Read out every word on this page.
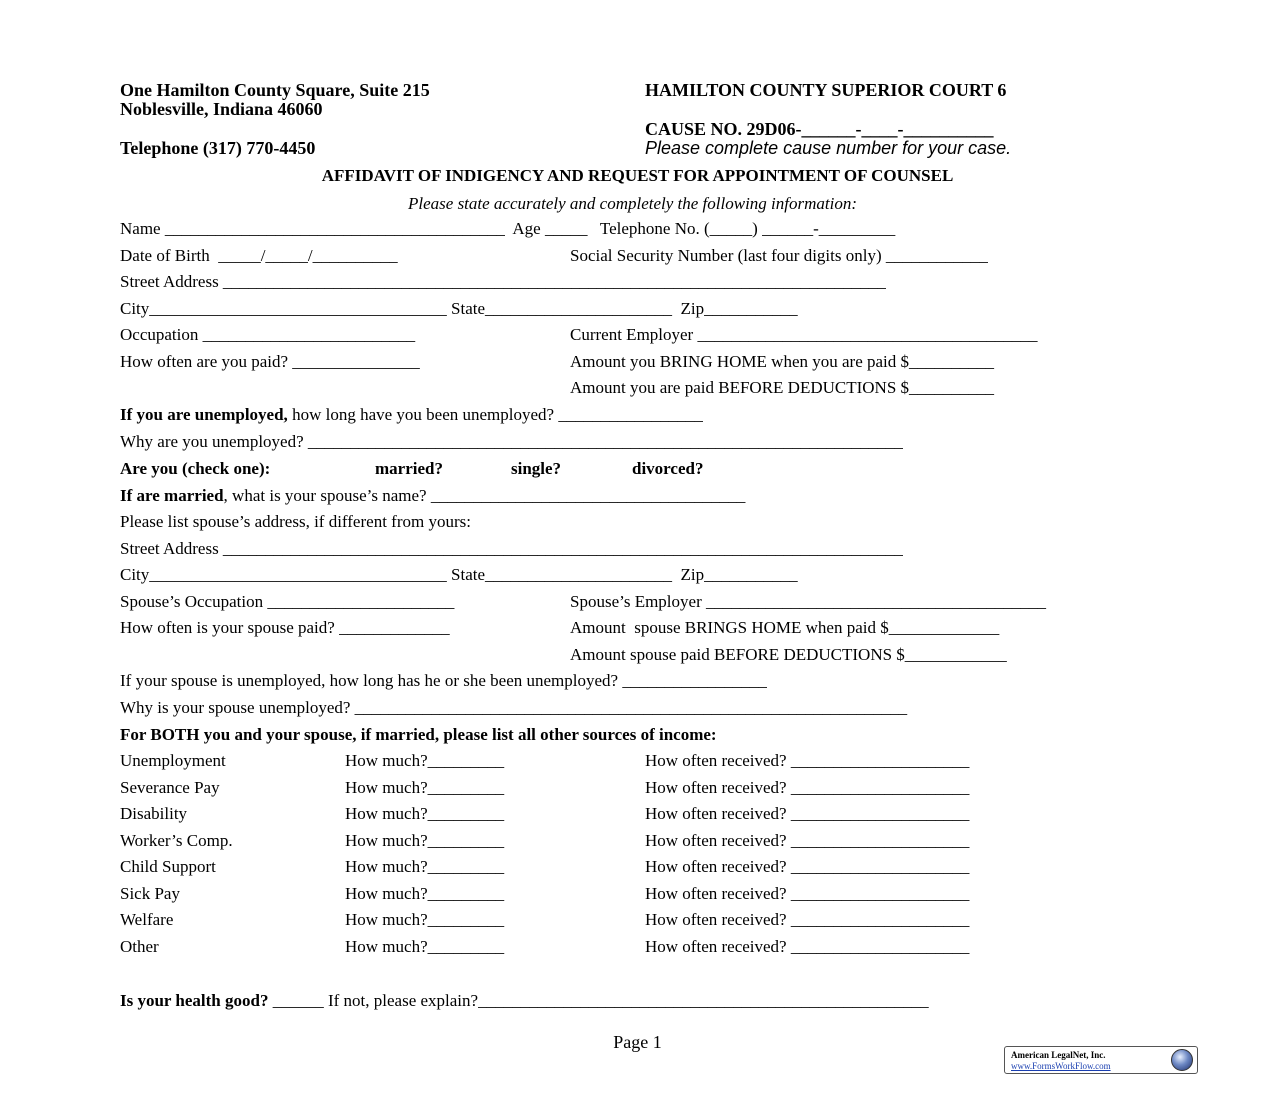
One Hamilton County Square, Suite 215
Noblesville, Indiana 46060
Telephone (317) 770-4450
HAMILTON COUNTY SUPERIOR COURT 6
CAUSE NO. 29D06-______-____-__________
Please complete cause number for your case.
AFFIDAVIT OF INDIGENCY AND REQUEST FOR APPOINTMENT OF COUNSEL
Please state accurately and completely the following information:
Name ________________________________________  Age _____   Telephone No. (_____) ______-_________
Date of Birth  _____/_____/__________	Social Security Number (last four digits only) ____________
Street Address ______________________________________________________________________________
City___________________________________ State______________________  Zip___________
Occupation _________________________	Current Employer ________________________________________
How often are you paid? _______________	Amount you BRING HOME when you are paid $__________
Amount you are paid BEFORE DEDUCTIONS $__________
If you are unemployed, how long have you been unemployed? _________________
Why are you unemployed? ______________________________________________________________________
Are you (check one):	married?	single?	divorced?
If are married, what is your spouse’s name? _____________________________________
Please list spouse’s address, if different from yours:
Street Address ________________________________________________________________________________
City___________________________________ State______________________  Zip___________
Spouse’s Occupation ______________________	Spouse’s Employer ________________________________________
How often is your spouse paid? _____________	Amount  spouse BRINGS HOME when paid $_____________
Amount spouse paid BEFORE DEDUCTIONS $____________
If your spouse is unemployed, how long has he or she been unemployed? _________________
Why is your spouse unemployed? _________________________________________________________________
For BOTH you and your spouse, if married, please list all other sources of income:
Unemployment	How much?_________	How often received? _____________________
Severance Pay	How much?_________	How often received? _____________________
Disability	How much?_________	How often received? _____________________
Worker’s Comp.	How much?_________	How often received? _____________________
Child Support	How much?_________	How often received? _____________________
Sick Pay	How much?_________	How often received? _____________________
Welfare	How much?_________	How often received? _____________________
Other	How much?_________	How often received? _____________________
Is your health good? ______ If not, please explain?_____________________________________________________
Page 1
American LegalNet, Inc.
www.FormsWorkFlow.com
